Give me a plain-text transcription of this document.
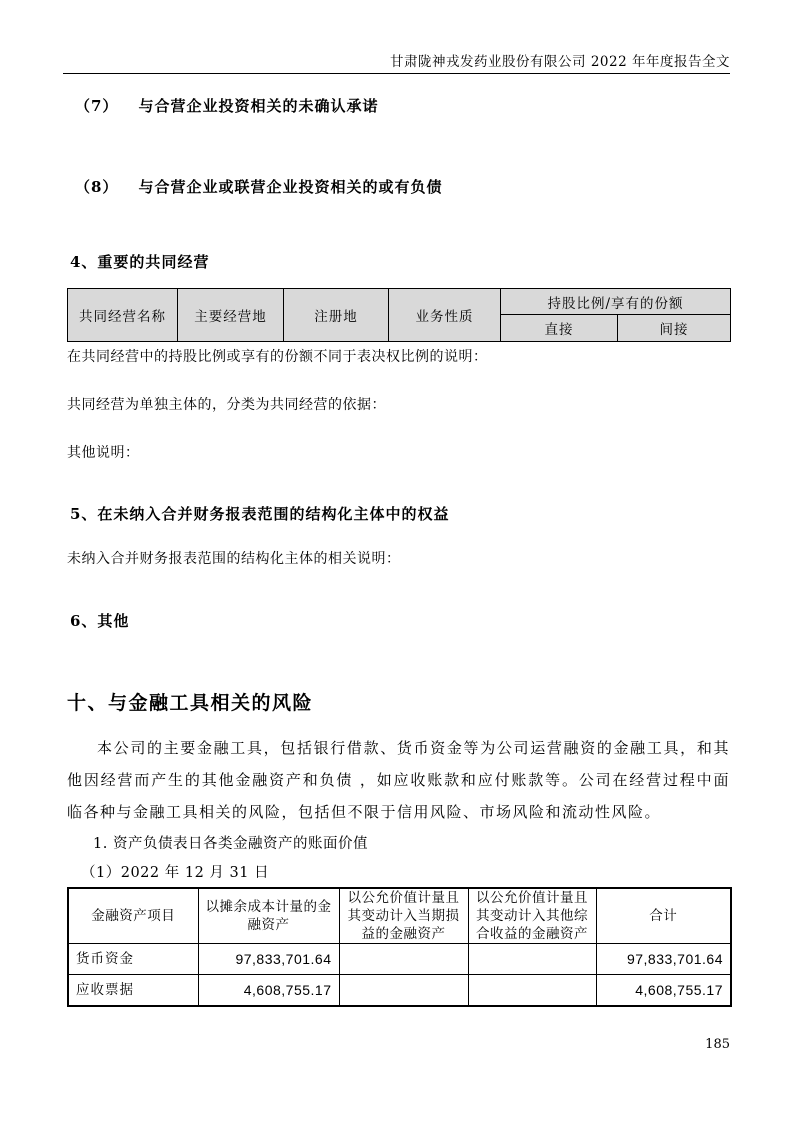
甘肃陇神戎发药业股份有限公司 2022 年年度报告全文
（7） 与合营企业投资相关的未确认承诺
（8） 与合营企业或联营企业投资相关的或有负债
4、重要的共同经营
共同经营名称	主要经营地	注册地	业务性质	持股比例/享有的份额	
				直接	间接
在共同经营中的持股比例或享有的份额不同于表决权比例的说明：
共同经营为单独主体的，分类为共同经营的依据：
其他说明：
5、在未纳入合并财务报表范围的结构化主体中的权益
未纳入合并财务报表范围的结构化主体的相关说明：
6、其他
十、与金融工具相关的风险
本公司的主要金融工具，包括银行借款、货币资金等为公司运营融资的金融工具，和其他因经营而产生的其他金融资产和负债 ，如应收账款和应付账款等。公司在经营过程中面临各种与金融工具相关的风险，包括但不限于信用风险、市场风险和流动性风险。
1. 资产负债表日各类金融资产的账面价值
（1）2022 年 12 月 31 日
金融资产项目	以摊余成本计量的金融资产	以公允价值计量且其变动计入当期损益的金融资产	以公允价值计量且其变动计入其他综合收益的金融资产	合计
货币资金	97,833,701.64			97,833,701.64
应收票据	4,608,755.17			4,608,755.17
185
